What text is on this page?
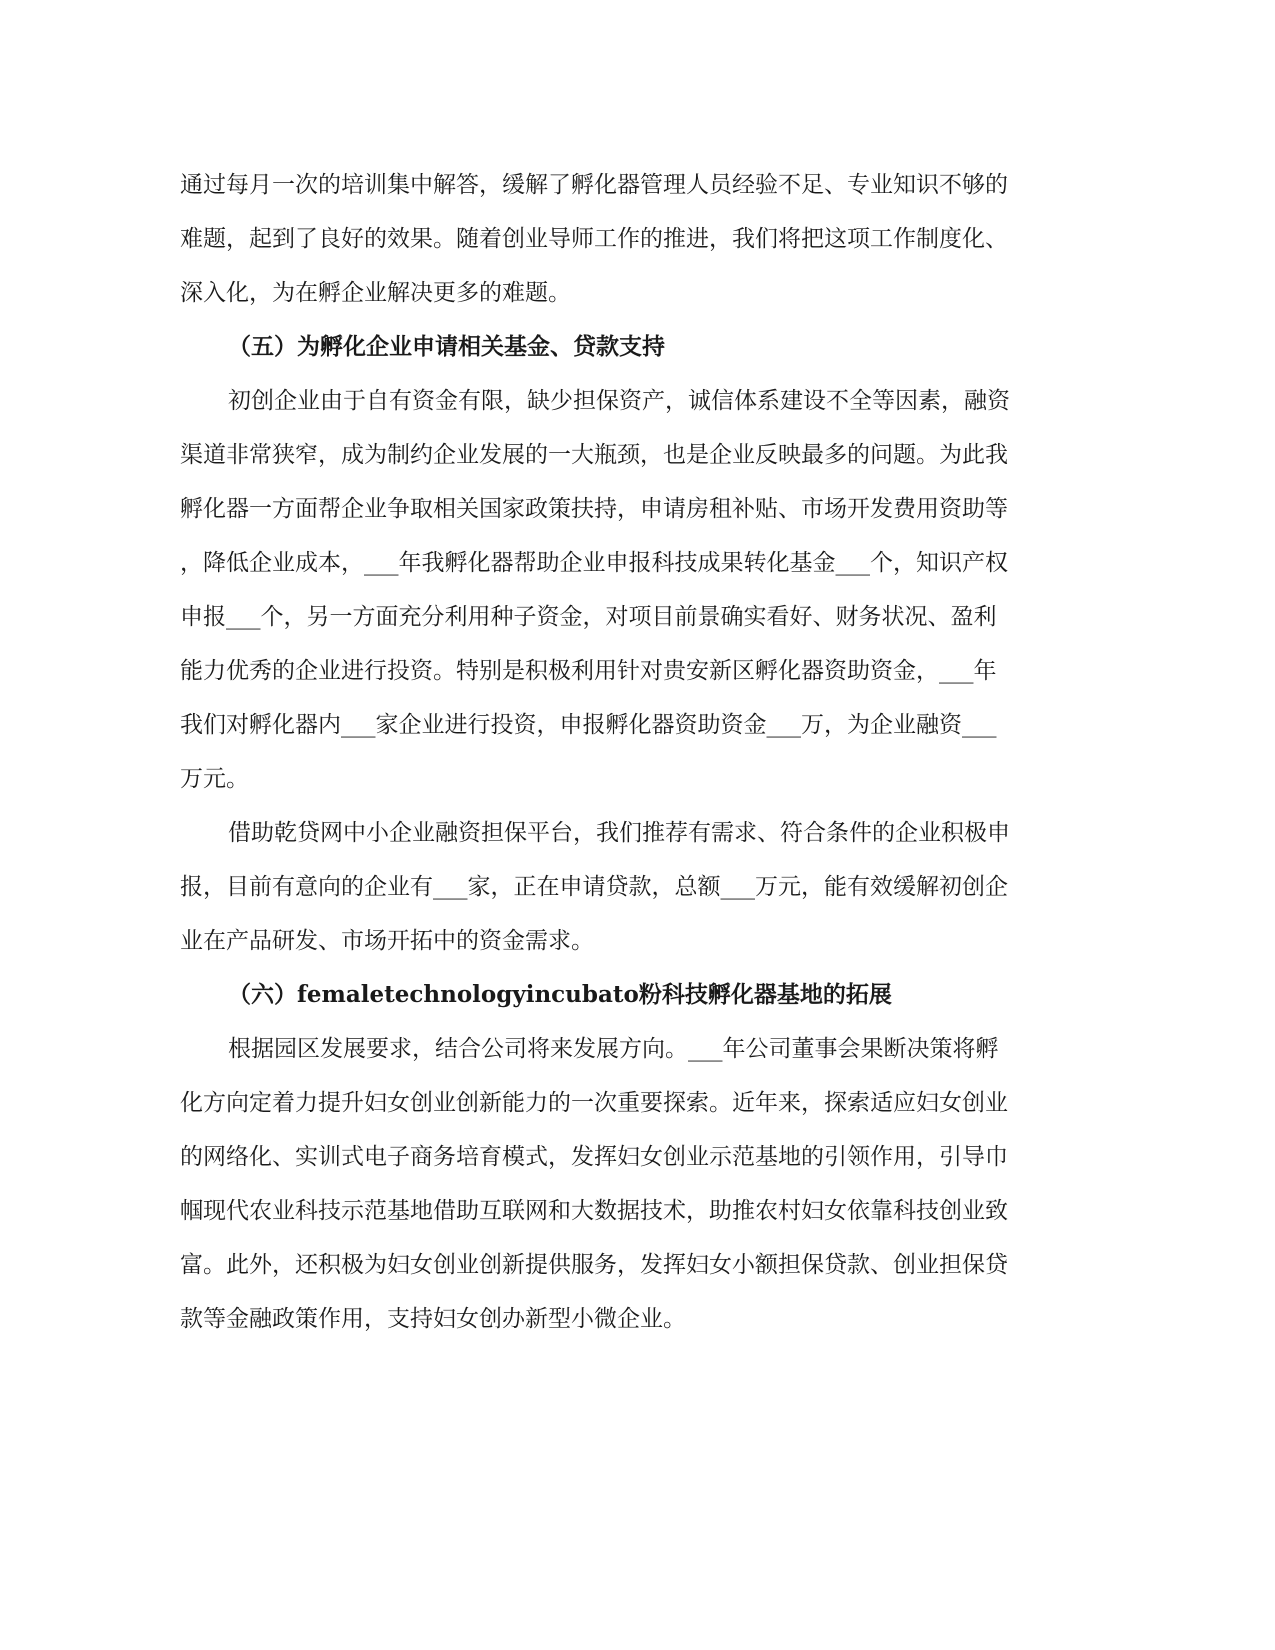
通过每月一次的培训集中解答，缓解了孵化器管理人员经验不足、专业知识不够的
难题，起到了良好的效果。随着创业导师工作的推进，我们将把这项工作制度化、
深入化，为在孵企业解决更多的难题。
（五）为孵化企业申请相关基金、贷款支持
初创企业由于自有资金有限，缺少担保资产，诚信体系建设不全等因素，融资
渠道非常狭窄，成为制约企业发展的一大瓶颈，也是企业反映最多的问题。为此我
孵化器一方面帮企业争取相关国家政策扶持，申请房租补贴、市场开发费用资助等
，降低企业成本，___年我孵化器帮助企业申报科技成果转化基金___个，知识产权
申报___个，另一方面充分利用种子资金，对项目前景确实看好、财务状况、盈利
能力优秀的企业进行投资。特别是积极利用针对贵安新区孵化器资助资金，___年
我们对孵化器内___家企业进行投资，申报孵化器资助资金___万，为企业融资___
万元。
借助乾贷网中小企业融资担保平台，我们推荐有需求、符合条件的企业积极申
报，目前有意向的企业有___家，正在申请贷款，总额___万元，能有效缓解初创企
业在产品研发、市场开拓中的资金需求。
（六）femaletechnologyincubato粉科技孵化器基地的拓展
根据园区发展要求，结合公司将来发展方向。___年公司董事会果断决策将孵
化方向定着力提升妇女创业创新能力的一次重要探索。近年来，探索适应妇女创业
的网络化、实训式电子商务培育模式，发挥妇女创业示范基地的引领作用，引导巾
帼现代农业科技示范基地借助互联网和大数据技术，助推农村妇女依靠科技创业致
富。此外，还积极为妇女创业创新提供服务，发挥妇女小额担保贷款、创业担保贷
款等金融政策作用，支持妇女创办新型小微企业。
